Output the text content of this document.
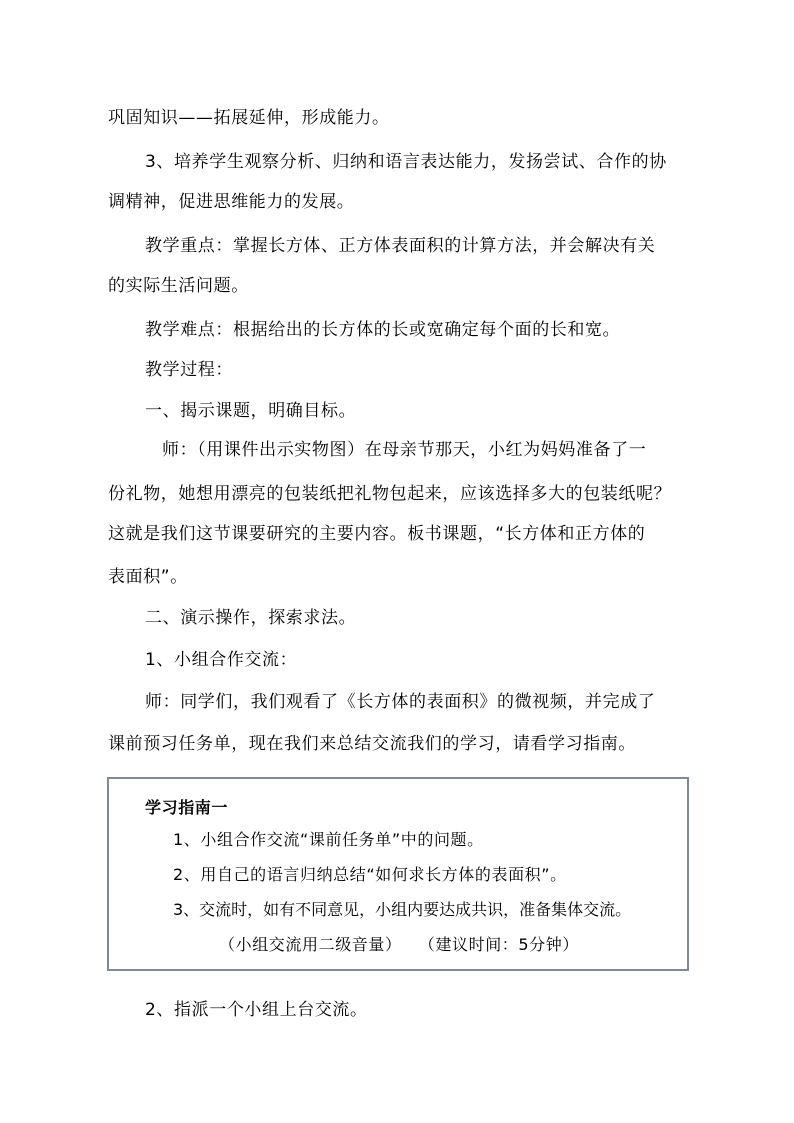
巩固知识——拓展延伸，形成能力。
3、培养学生观察分析、归纳和语言表达能力，发扬尝试、合作的协
调精神，促进思维能力的发展。
教学重点：掌握长方体、正方体表面积的计算方法，并会解决有关
的实际生活问题。
教学难点：根据给出的长方体的长或宽确定每个面的长和宽。
教学过程：
一、揭示课题，明确目标。
师：（用课件出示实物图）在母亲节那天，小红为妈妈准备了一
份礼物，她想用漂亮的包装纸把礼物包起来，应该选择多大的包装纸呢？
这就是我们这节课要研究的主要内容。板书课题，“长方体和正方体的
表面积”。
二、演示操作，探索求法。
1、小组合作交流：
师：同学们，我们观看了《长方体的表面积》的微视频，并完成了
课前预习任务单，现在我们来总结交流我们的学习，请看学习指南。
学习指南一
1、小组合作交流“课前任务单”中的问题。
2、用自己的语言归纳总结“如何求长方体的表面积”。
3、交流时，如有不同意见，小组内要达成共识，准备集体交流。
（小组交流用二级音量）　　（建议时间：5分钟）
2、指派一个小组上台交流。
